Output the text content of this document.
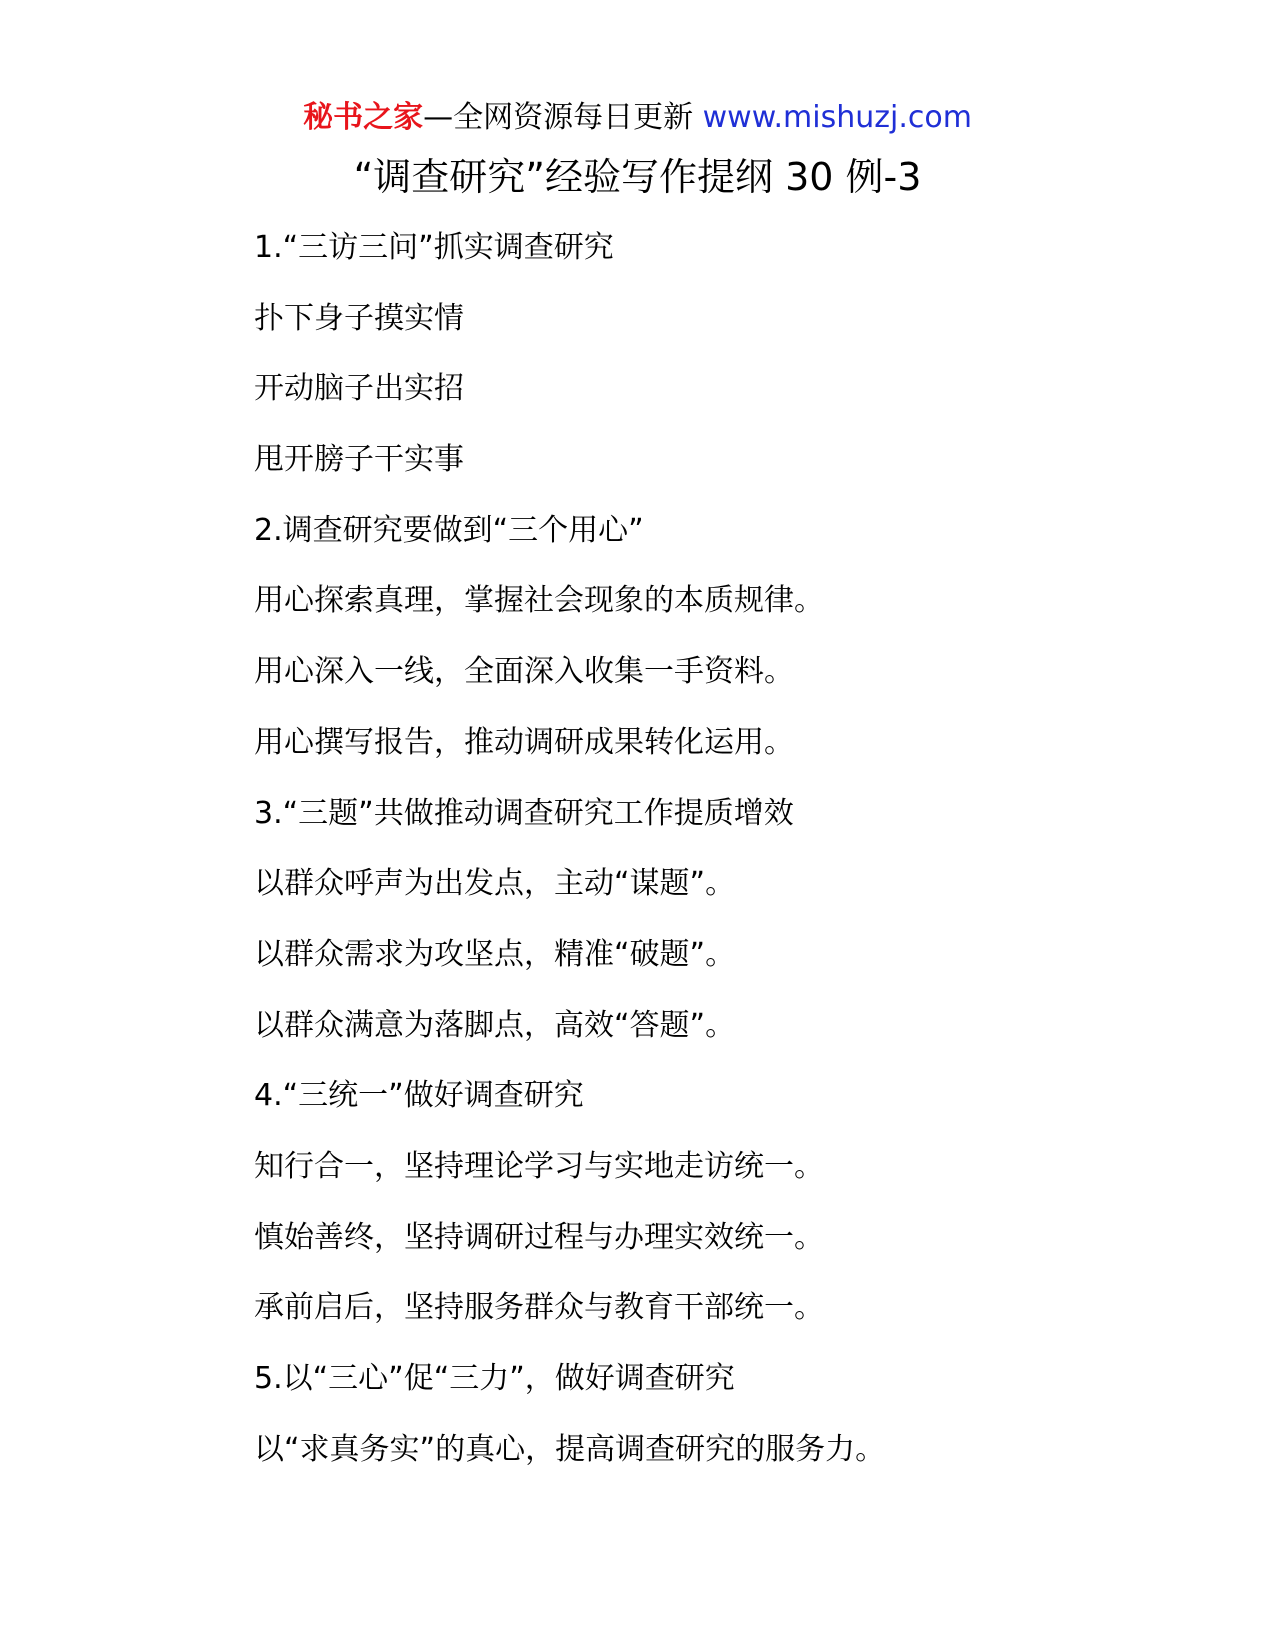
秘书之家—全网资源每日更新 www.mishuzj.com
“调查研究”经验写作提纲 30 例-3
1.“三访三问”抓实调查研究
扑下身子摸实情
开动脑子出实招
甩开膀子干实事
2.调查研究要做到“三个用心”
用心探索真理，掌握社会现象的本质规律。
用心深入一线，全面深入收集一手资料。
用心撰写报告，推动调研成果转化运用。
3.“三题”共做推动调查研究工作提质增效
以群众呼声为出发点，主动“谋题”。
以群众需求为攻坚点，精准“破题”。
以群众满意为落脚点，高效“答题”。
4.“三统一”做好调查研究
知行合一，坚持理论学习与实地走访统一。
慎始善终，坚持调研过程与办理实效统一。
承前启后，坚持服务群众与教育干部统一。
5.以“三心”促“三力”，做好调查研究
以“求真务实”的真心，提高调查研究的服务力。
